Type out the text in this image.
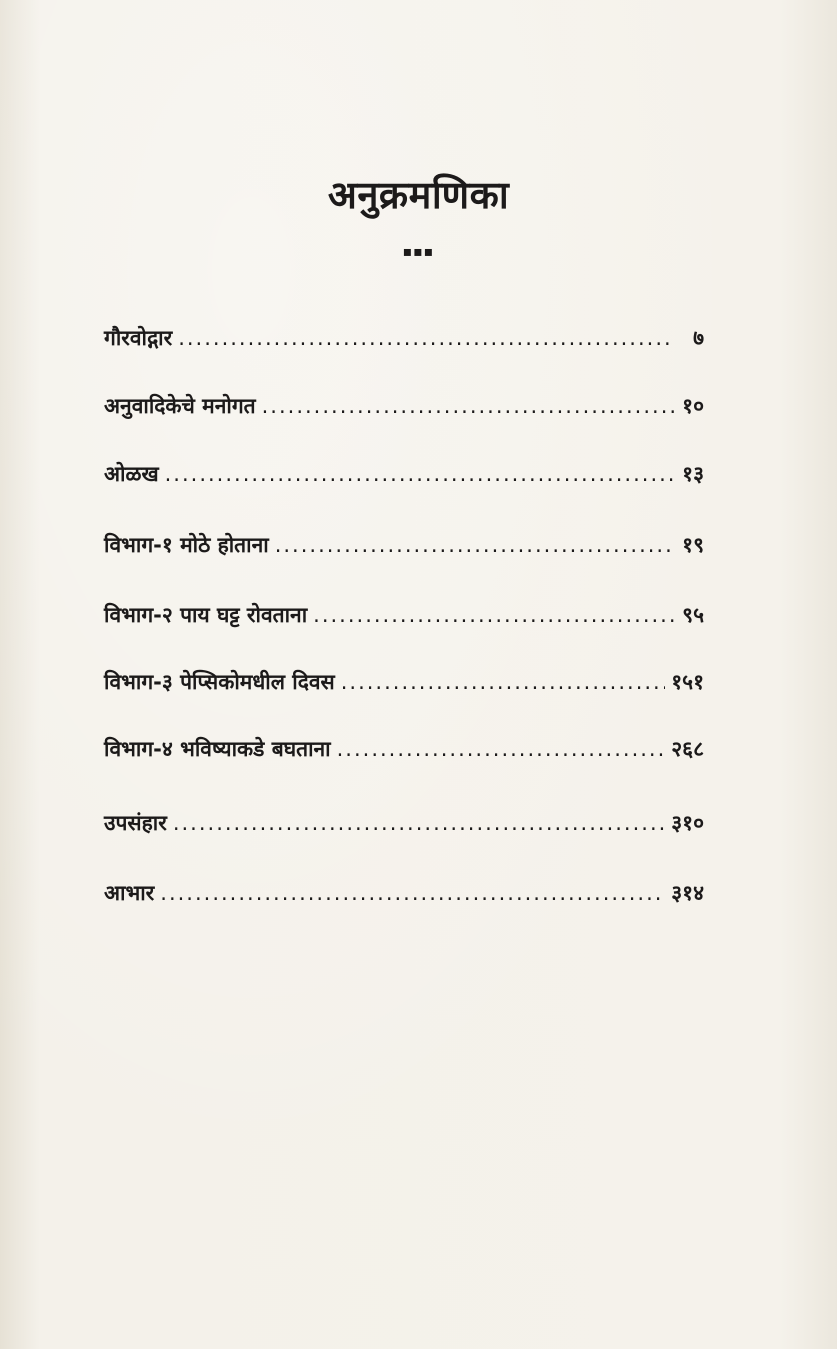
अनुक्रमणिका
▪▪▪
गौरवोद्गार .....	७
अनुवादिकेचे मनोगत .....	१०
ओळख .....	१३
विभाग-१ मोठे होताना .....	१९
विभाग-२ पाय घट्ट रोवताना .....	९५
विभाग-३ पेप्सिकोमधील दिवस .....	१५१
विभाग-४ भविष्याकडे बघताना .....	२६८
उपसंहार .....	३१०
आभार .....	३१४
